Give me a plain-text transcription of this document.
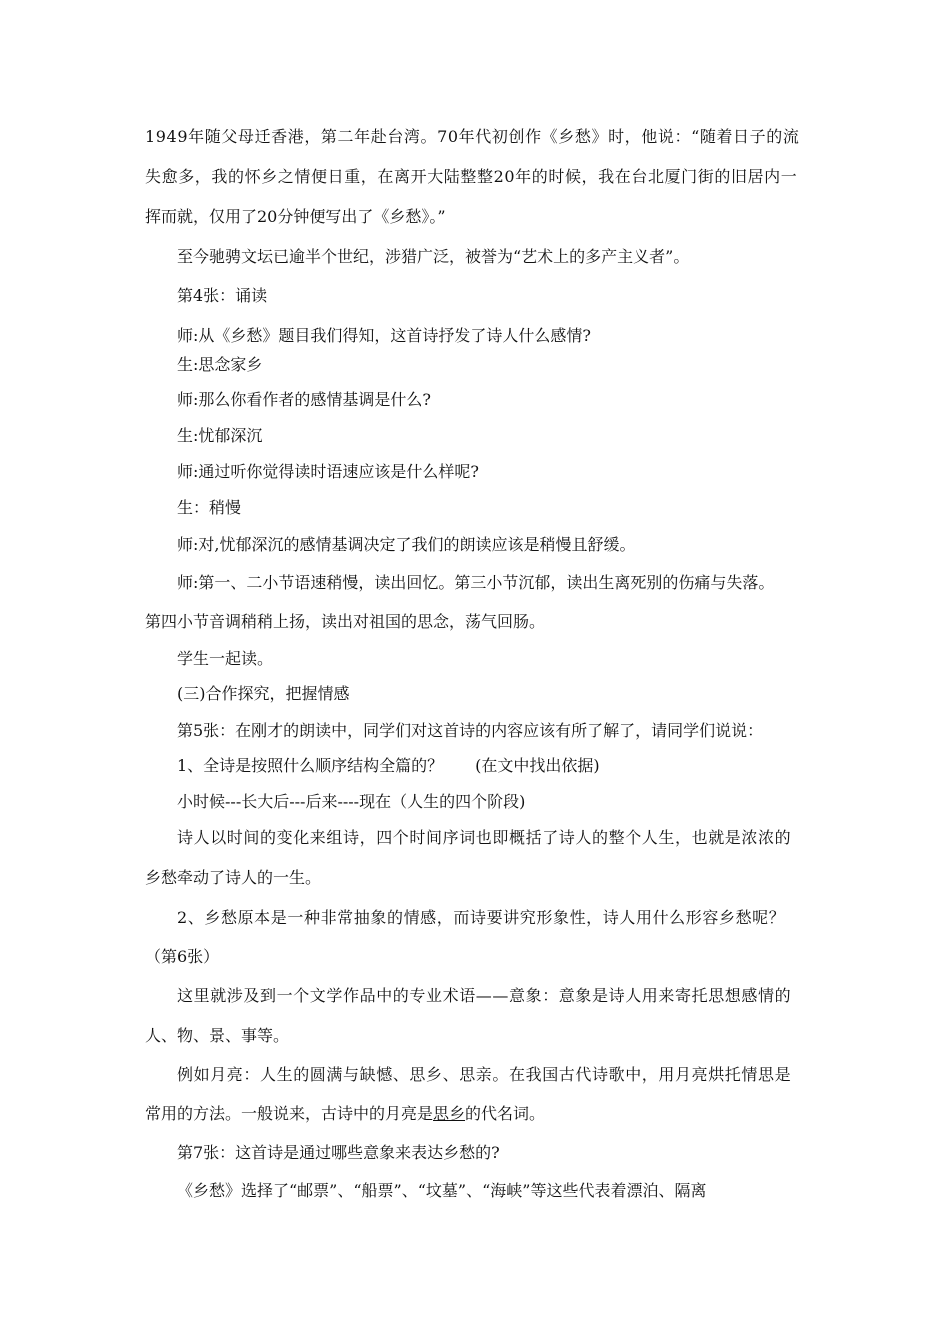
1949年随父母迁香港，第二年赴台湾。70年代初创作《乡愁》时，他说：“随着日子的流
失愈多，我的怀乡之情便日重，在离开大陆整整20年的时候，我在台北厦门街的旧居内一
挥而就，仅用了20分钟便写出了《乡愁》。”
至今驰骋文坛已逾半个世纪，涉猎广泛，被誉为“艺术上的多产主义者”。
第4张：诵读
师:从《乡愁》题目我们得知，这首诗抒发了诗人什么感情?
生:思念家乡
师:那么你看作者的感情基调是什么?
生:忧郁深沉
师:通过听你觉得读时语速应该是什么样呢?
生：稍慢
师:对,忧郁深沉的感情基调决定了我们的朗读应该是稍慢且舒缓。
师:第一、二小节语速稍慢，读出回忆。第三小节沉郁，读出生离死别的伤痛与失落。
第四小节音调稍稍上扬，读出对祖国的思念，荡气回肠。
学生一起读。
(三)合作探究，把握情感
第5张：在刚才的朗读中，同学们对这首诗的内容应该有所了解了，请同学们说说：
1、全诗是按照什么顺序结构全篇的？　　(在文中找出依据)
小时候---长大后---后来----现在（人生的四个阶段)
诗人以时间的变化来组诗，四个时间序词也即概括了诗人的整个人生，也就是浓浓的
乡愁牵动了诗人的一生。
2、乡愁原本是一种非常抽象的情感，而诗要讲究形象性，诗人用什么形容乡愁呢？
（第6张）
这里就涉及到一个文学作品中的专业术语——意象：意象是诗人用来寄托思想感情的
人、物、景、事等。
例如月亮：人生的圆满与缺憾、思乡、思亲。在我国古代诗歌中，用月亮烘托情思是
常用的方法。一般说来，古诗中的月亮是思乡的代名词。
第7张：这首诗是通过哪些意象来表达乡愁的?
《乡愁》选择了“邮票”、“船票”、“坟墓”、“海峡”等这些代表着漂泊、隔离
